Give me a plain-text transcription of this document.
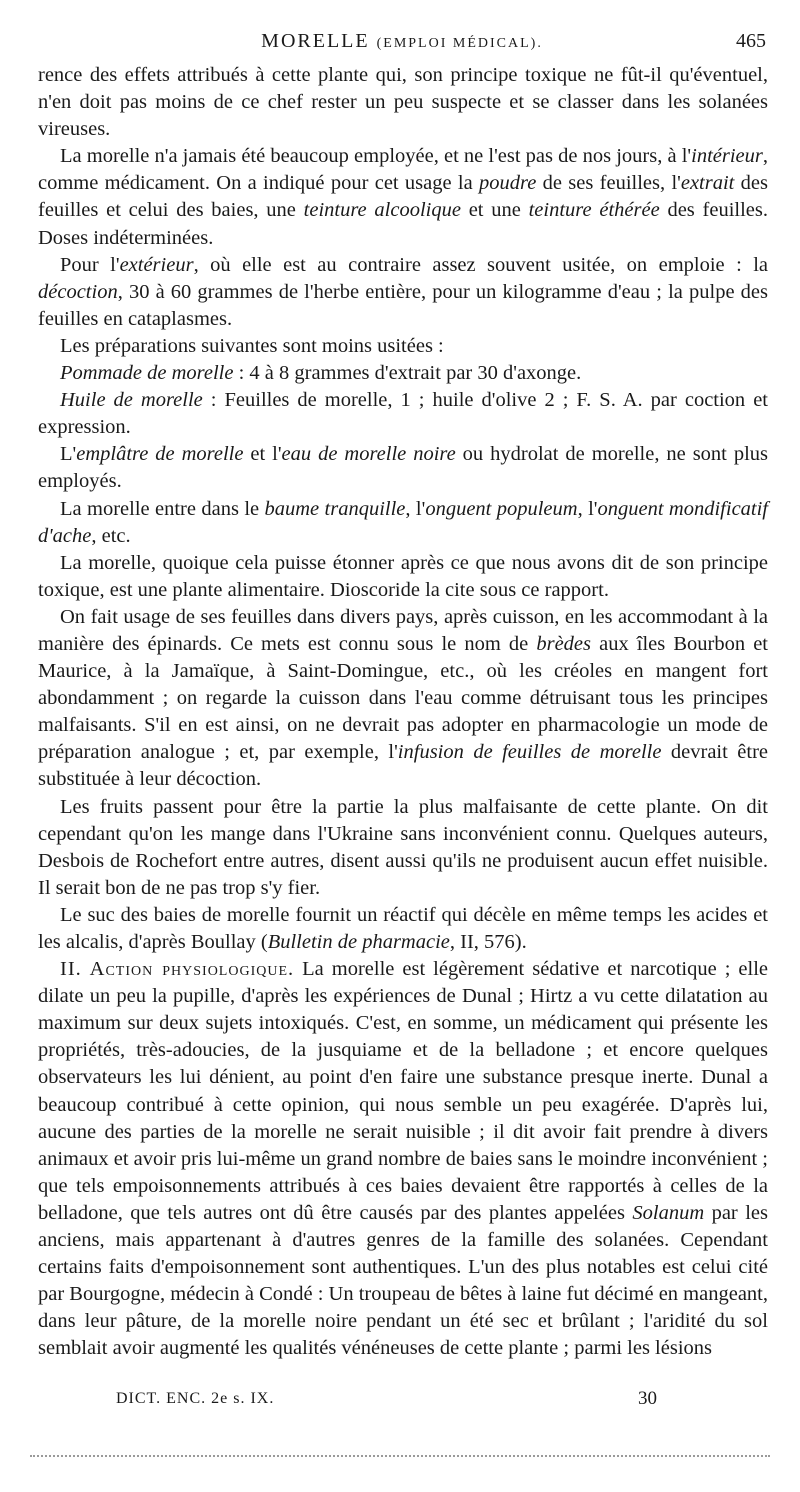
MORELLE (EMPLOI MÉDICAL).	465

rence des effets attribués à cette plante qui, son principe toxique ne fût-il qu'éventuel, n'en doit pas moins de ce chef rester un peu suspecte et se classer dans les solanées vireuses.

La morelle n'a jamais été beaucoup employée, et ne l'est pas de nos jours, à l'intérieur, comme médicament. On a indiqué pour cet usage la poudre de ses feuilles, l'extrait des feuilles et celui des baies, une teinture alcoolique et une teinture éthérée des feuilles. Doses indéterminées.

Pour l'extérieur, où elle est au contraire assez souvent usitée, on emploie : la décoction, 30 à 60 grammes de l'herbe entière, pour un kilogramme d'eau ; la pulpe des feuilles en cataplasmes.

Les préparations suivantes sont moins usitées :

Pommade de morelle : 4 à 8 grammes d'extrait par 30 d'axonge.

Huile de morelle : Feuilles de morelle, 1 ; huile d'olive 2 ; F. S. A. par coction et expression.

L'emplâtre de morelle et l'eau de morelle noire ou hydrolat de morelle, ne sont plus employés.

La morelle entre dans le baume tranquille, l'onguent populeum, l'onguent mondificatif d'ache, etc.

La morelle, quoique cela puisse étonner après ce que nous avons dit de son principe toxique, est une plante alimentaire. Dioscoride la cite sous ce rapport.

On fait usage de ses feuilles dans divers pays, après cuisson, en les accommodant à la manière des épinards. Ce mets est connu sous le nom de brèdes aux îles Bourbon et Maurice, à la Jamaïque, à Saint-Domingue, etc., où les créoles en mangent fort abondamment ; on regarde la cuisson dans l'eau comme détruisant tous les principes malfaisants. S'il en est ainsi, on ne devrait pas adopter en pharmacologie un mode de préparation analogue ; et, par exemple, l'infusion de feuilles de morelle devrait être substituée à leur décoction.

Les fruits passent pour être la partie la plus malfaisante de cette plante. On dit cependant qu'on les mange dans l'Ukraine sans inconvénient connu. Quelques auteurs, Desbois de Rochefort entre autres, disent aussi qu'ils ne produisent aucun effet nuisible. Il serait bon de ne pas trop s'y fier.

Le suc des baies de morelle fournit un réactif qui décèle en même temps les acides et les alcalis, d'après Boullay (Bulletin de pharmacie, II, 576).

II. Action physiologique. La morelle est légèrement sédative et narcotique ; elle dilate un peu la pupille, d'après les expériences de Dunal ; Hirtz a vu cette dilatation au maximum sur deux sujets intoxiqués. C'est, en somme, un médicament qui présente les propriétés, très-adoucies, de la jusquiame et de la belladone ; et encore quelques observateurs les lui dénient, au point d'en faire une substance presque inerte. Dunal a beaucoup contribué à cette opinion, qui nous semble un peu exagérée. D'après lui, aucune des parties de la morelle ne serait nuisible ; il dit avoir fait prendre à divers animaux et avoir pris lui-même un grand nombre de baies sans le moindre inconvénient ; que tels empoisonnements attribués à ces baies devaient être rapportés à celles de la belladone, que tels autres ont dû être causés par des plantes appelées Solanum par les anciens, mais appartenant à d'autres genres de la famille des solanées. Cependant certains faits d'empoisonnement sont authentiques. L'un des plus notables est celui cité par Bourgogne, médecin à Condé : Un troupeau de bêtes à laine fut décimé en mangeant, dans leur pâture, de la morelle noire pendant un été sec et brûlant ; l'aridité du sol semblait avoir augmenté les qualités vénéneuses de cette plante ; parmi les lésions

DICT. ENC. 2e s. IX.	30
